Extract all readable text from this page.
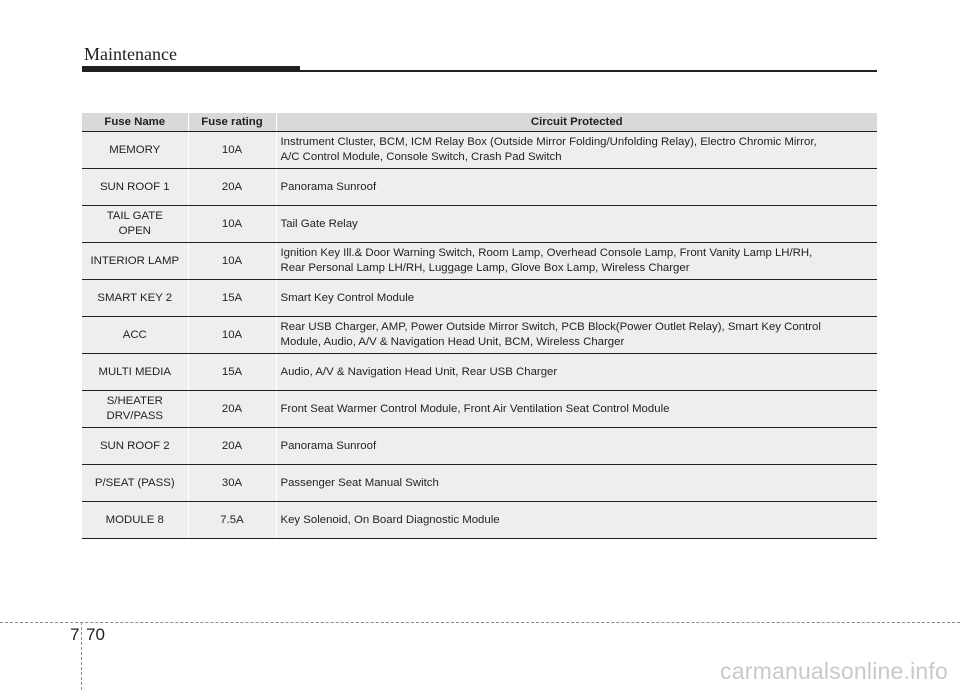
Maintenance
Fuse Name	Fuse rating	Circuit Protected
MEMORY	10A	Instrument Cluster, BCM, ICM Relay Box (Outside Mirror Folding/Unfolding Relay), Electro Chromic Mirror,
A/C Control Module, Console Switch, Crash Pad Switch
SUN ROOF 1	20A	Panorama Sunroof
TAIL GATE
OPEN	10A	Tail Gate Relay
INTERIOR LAMP	10A	Ignition Key Ill.& Door Warning Switch, Room Lamp, Overhead Console Lamp, Front Vanity Lamp LH/RH,
Rear Personal Lamp LH/RH, Luggage Lamp, Glove Box Lamp, Wireless Charger
SMART KEY 2	15A	Smart Key Control Module
ACC	10A	Rear USB Charger, AMP, Power Outside Mirror Switch, PCB Block(Power Outlet Relay), Smart Key Control
Module, Audio, A/V & Navigation Head Unit, BCM, Wireless Charger
MULTI MEDIA	15A	Audio, A/V & Navigation Head Unit, Rear USB Charger
S/HEATER
DRV/PASS	20A	Front Seat Warmer Control Module, Front Air Ventilation Seat Control Module
SUN ROOF 2	20A	Panorama Sunroof
P/SEAT (PASS)	30A	Passenger Seat Manual Switch
MODULE 8	7.5A	Key Solenoid, On Board Diagnostic Module
7 70
carmanualsonline.info
